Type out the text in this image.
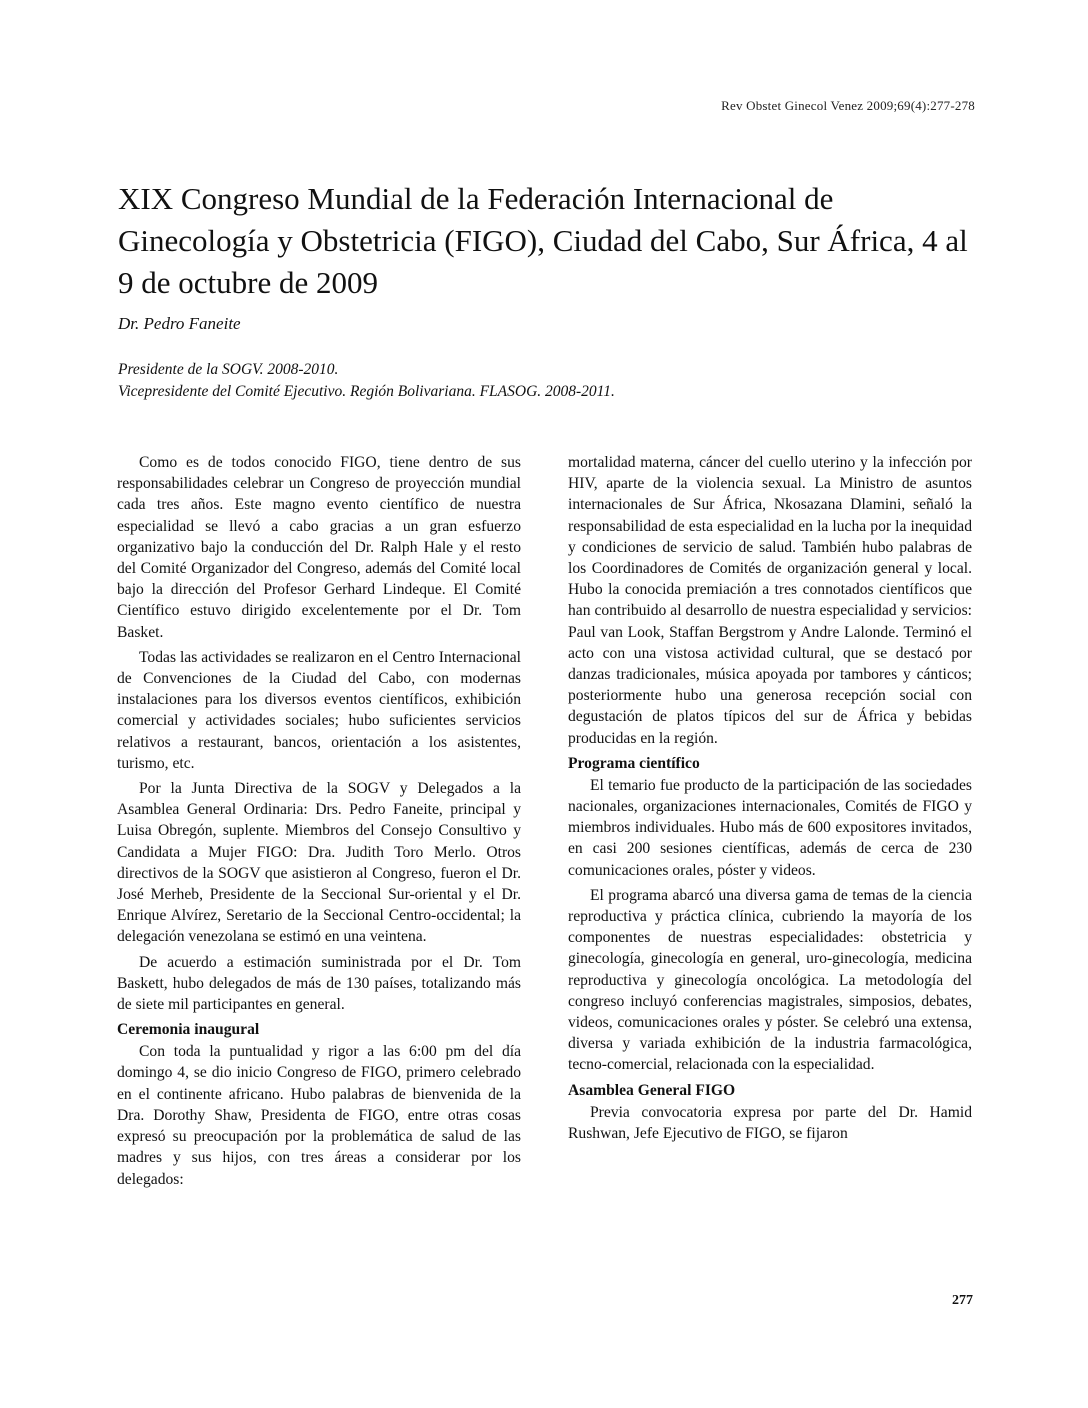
Rev Obstet Ginecol Venez 2009;69(4):277-278
XIX Congreso Mundial de la Federación Internacional de Ginecología y Obstetricia (FIGO), Ciudad del Cabo, Sur África, 4 al 9 de octubre de 2009
Dr. Pedro Faneite
Presidente de la SOGV. 2008-2010.
Vicepresidente del Comité Ejecutivo. Región Bolivariana. FLASOG. 2008-2011.

Como es de todos conocido FIGO, tiene dentro de sus responsabilidades celebrar un Congreso de proyección mundial cada tres años. Este magno evento científico de nuestra especialidad se llevó a cabo gracias a un gran esfuerzo organizativo bajo la conducción del Dr. Ralph Hale y el resto del Comité Organizador del Congreso, además del Comité local bajo la dirección del Profesor Gerhard Lindeque. El Comité Científico estuvo dirigido excelentemente por el Dr. Tom Basket.

Todas las actividades se realizaron en el Centro Internacional de Convenciones de la Ciudad del Cabo, con modernas instalaciones para los diversos eventos científicos, exhibición comercial y actividades sociales; hubo suficientes servicios relativos a restaurant, bancos, orientación a los asistentes, turismo, etc.

Por la Junta Directiva de la SOGV y Delegados a la Asamblea General Ordinaria: Drs. Pedro Faneite, principal y Luisa Obregón, suplente. Miembros del Consejo Consultivo y Candidata a Mujer FIGO: Dra. Judith Toro Merlo. Otros directivos de la SOGV que asistieron al Congreso, fueron el Dr. José Merheb, Presidente de la Seccional Sur-oriental y el Dr. Enrique Alvírez, Seretario de la Seccional Centro-occidental; la delegación venezolana se estimó en una veintena.

De acuerdo a estimación suministrada por el Dr. Tom Baskett, hubo delegados de más de 130 países, totalizando más de siete mil participantes en general.

Ceremonia inaugural

Con toda la puntualidad y rigor a las 6:00 pm del día domingo 4, se dio inicio Congreso de FIGO, primero celebrado en el continente africano. Hubo palabras de bienvenida de la Dra. Dorothy Shaw, Presidenta de FIGO, entre otras cosas expresó su preocupación por la problemática de salud de las madres y sus hijos, con tres áreas a considerar por los delegados:

mortalidad materna, cáncer del cuello uterino y la infección por HIV, aparte de la violencia sexual. La Ministro de asuntos internacionales de Sur África, Nkosazana Dlamini, señaló la responsabilidad de esta especialidad en la lucha por la inequidad y condiciones de servicio de salud. También hubo palabras de los Coordinadores de Comités de organización general y local. Hubo la conocida premiación a tres connotados científicos que han contribuido al desarrollo de nuestra especialidad y servicios: Paul van Look, Staffan Bergstrom y Andre Lalonde. Terminó el acto con una vistosa actividad cultural, que se destacó por danzas tradicionales, música apoyada por tambores y cánticos; posteriormente hubo una generosa recepción social con degustación de platos típicos del sur de África y bebidas producidas en la región.

Programa científico

El temario fue producto de la participación de las sociedades nacionales, organizaciones internacionales, Comités de FIGO y miembros individuales. Hubo más de 600 expositores invitados, en casi 200 sesiones científicas, además de cerca de 230 comunicaciones orales, póster y videos.

El programa abarcó una diversa gama de temas de la ciencia reproductiva y práctica clínica, cubriendo la mayoría de los componentes de nuestras especialidades: obstetricia y ginecología, ginecología en general, uro-ginecología, medicina reproductiva y ginecología oncológica. La metodología del congreso incluyó conferencias magistrales, simposios, debates, videos, comunicaciones orales y póster. Se celebró una extensa, diversa y variada exhibición de la industria farmacológica, tecno-comercial, relacionada con la especialidad.

Asamblea General FIGO

Previa convocatoria expresa por parte del Dr. Hamid Rushwan, Jefe Ejecutivo de FIGO, se fijaron

277
